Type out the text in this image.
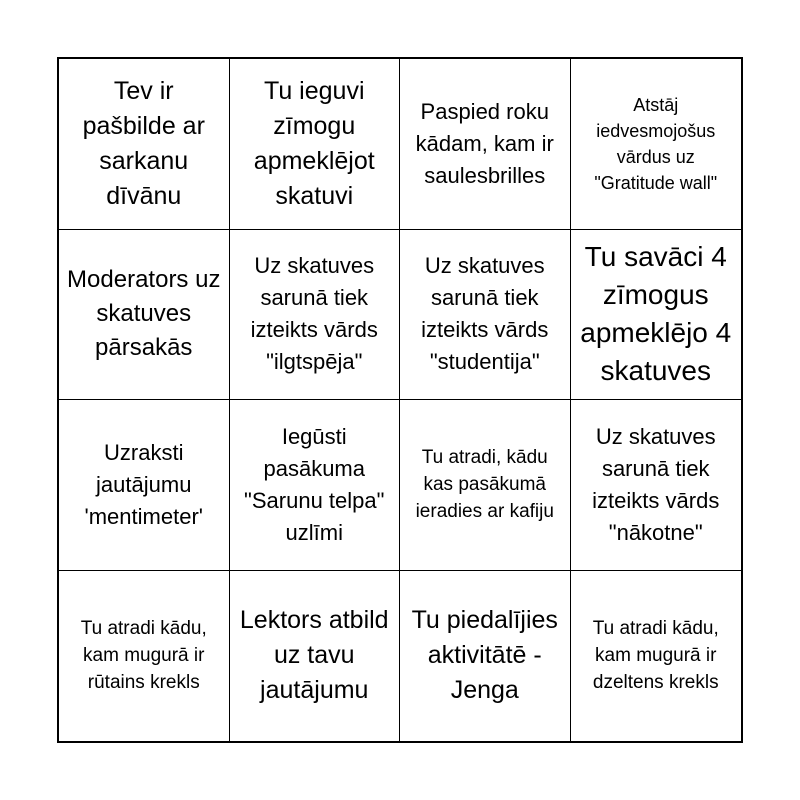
Tev ir pašbilde ar sarkanu dīvānu
Tu ieguvi zīmogu apmeklējot skatuvi
Paspied roku kādam, kam ir saulesbrilles
Atstāj iedvesmojošus vārdus uz "Gratitude wall"
Moderators uz skatuves pārsakās
Uz skatuves sarunā tiek izteikts vārds "ilgtspēja"
Uz skatuves sarunā tiek izteikts vārds "studentija"
Tu savāci 4 zīmogus apmeklējo 4 skatuves
Uzraksti jautājumu 'mentimeter'
Iegūsti pasākuma "Sarunu telpa" uzlīmi
Tu atradi, kādu kas pasākumā ieradies ar kafiju
Uz skatuves sarunā tiek izteikts vārds "nākotne"
Tu atradi kādu, kam mugurā ir rūtains krekls
Lektors atbild uz tavu jautājumu
Tu piedalījies aktivitātē - Jenga
Tu atradi kādu, kam mugurā ir dzeltens krekls
